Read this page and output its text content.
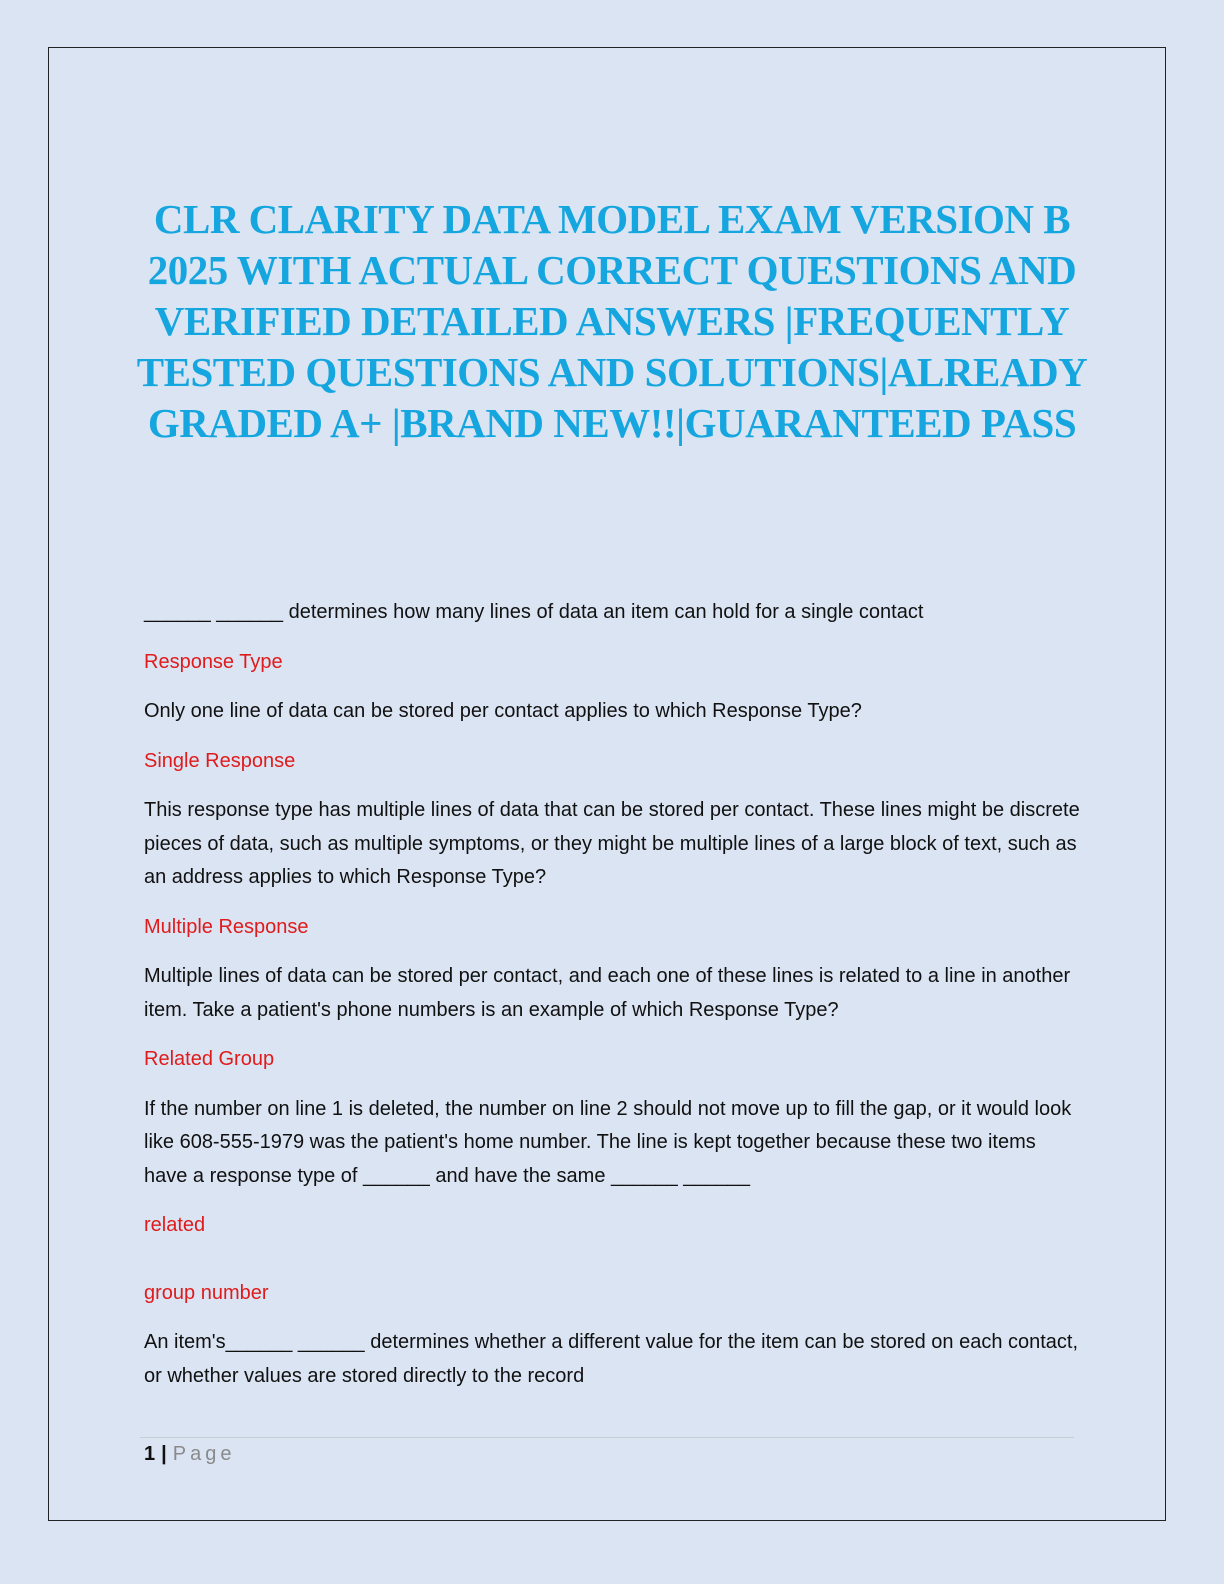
CLR CLARITY DATA MODEL EXAM VERSION B 2025 WITH ACTUAL CORRECT QUESTIONS AND VERIFIED DETAILED ANSWERS |FREQUENTLY TESTED QUESTIONS AND SOLUTIONS|ALREADY GRADED A+ |BRAND NEW!!|GUARANTEED PASS

______ ______ determines how many lines of data an item can hold for a single contact

Response Type

Only one line of data can be stored per contact applies to which Response Type?

Single Response

This response type has multiple lines of data that can be stored per contact. These lines might be discrete pieces of data, such as multiple symptoms, or they might be multiple lines of a large block of text, such as an address applies to which Response Type?

Multiple Response

Multiple lines of data can be stored per contact, and each one of these lines is related to a line in another item. Take a patient's phone numbers is an example of which Response Type?

Related Group

If the number on line 1 is deleted, the number on line 2 should not move up to fill the gap, or it would look like 608-555-1979 was the patient's home number. The line is kept together because these two items have a response type of ______ and have the same ______ ______

related

group number

An item's______ ______ determines whether a different value for the item can be stored on each contact, or whether values are stored directly to the record

1 | Page
